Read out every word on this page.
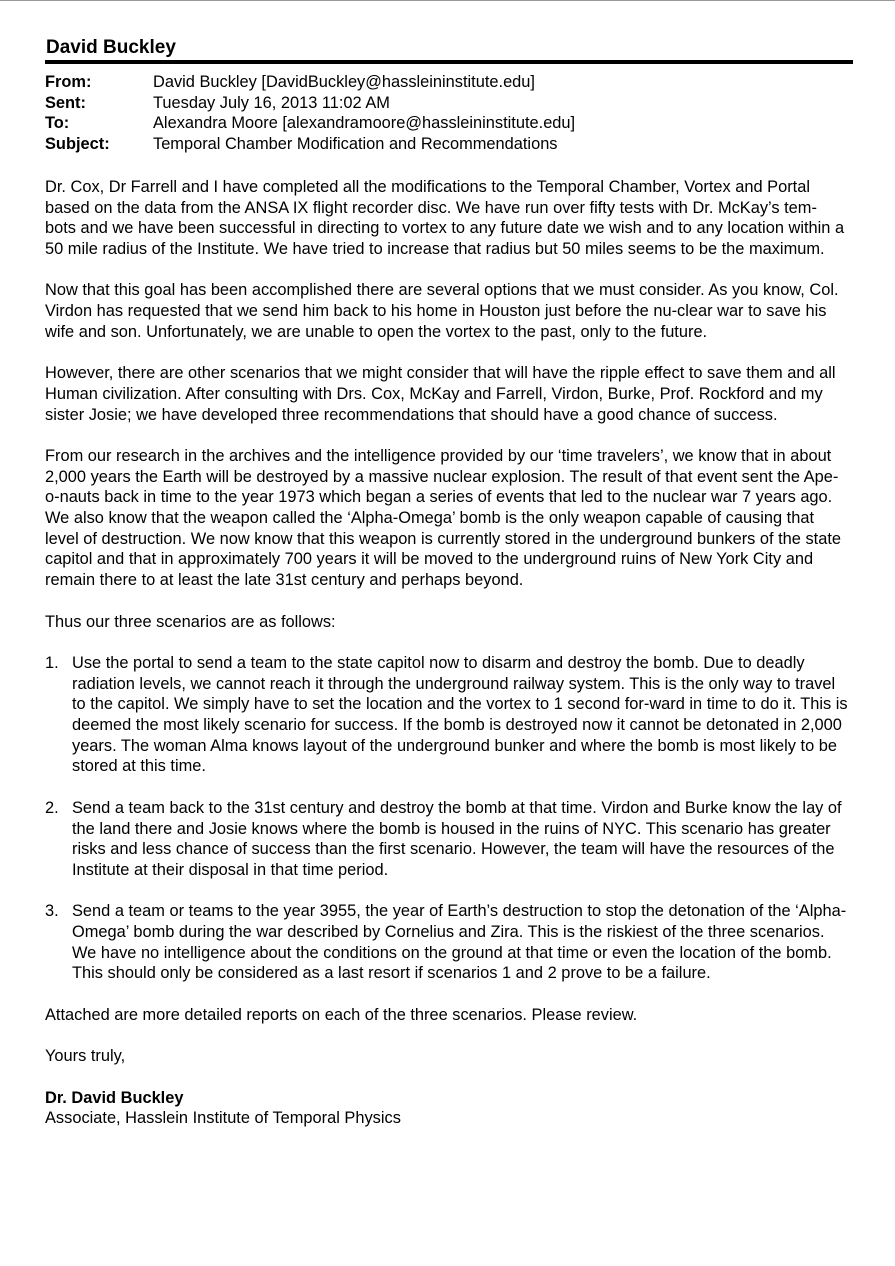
David Buckley
From:	David Buckley [DavidBuckley@hassleininstitute.edu]
Sent:	Tuesday July 16, 2013 11:02 AM
To:	Alexandra Moore [alexandramoore@hassleininstitute.edu]
Subject:	Temporal Chamber Modification and Recommendations

Dr. Cox, Dr Farrell and I have completed all the modifications to the Temporal Chamber, Vortex and Portal based on the data from the ANSA IX flight recorder disc. We have run over fifty tests with Dr. McKay’s tem-bots and we have been successful in directing to vortex to any future date we wish and to any location within a 50 mile radius of the Institute. We have tried to increase that radius but 50 miles seems to be the maximum.

Now that this goal has been accomplished there are several options that we must consider. As you know, Col. Virdon has requested that we send him back to his home in Houston just before the nu-clear war to save his wife and son. Unfortunately, we are unable to open the vortex to the past, only to the future.

However, there are other scenarios that we might consider that will have the ripple effect to save them and all Human civilization. After consulting with Drs. Cox, McKay and Farrell, Virdon, Burke, Prof. Rockford and my sister Josie; we have developed three recommendations that should have a good chance of success.

From our research in the archives and the intelligence provided by our ‘time travelers’, we know that in about 2,000 years the Earth will be destroyed by a massive nuclear explosion. The result of that event sent the Ape-o-nauts back in time to the year 1973 which began a series of events that led to the nuclear war 7 years ago. We also know that the weapon called the ‘Alpha-Omega’ bomb is the only weapon capable of causing that level of destruction. We now know that this weapon is currently stored in the underground bunkers of the state capitol and that in approximately 700 years it will be moved to the underground ruins of New York City and remain there to at least the late 31st century and perhaps beyond.

Thus our three scenarios are as follows:

1. Use the portal to send a team to the state capitol now to disarm and destroy the bomb. Due to deadly radiation levels, we cannot reach it through the underground railway system. This is the only way to travel to the capitol. We simply have to set the location and the vortex to 1 second for-ward in time to do it. This is deemed the most likely scenario for success. If the bomb is destroyed now it cannot be detonated in 2,000 years. The woman Alma knows layout of the underground bunker and where the bomb is most likely to be stored at this time.
2. Send a team back to the 31st century and destroy the bomb at that time. Virdon and Burke know the lay of the land there and Josie knows where the bomb is housed in the ruins of NYC. This scenario has greater risks and less chance of success than the first scenario. However, the team will have the resources of the Institute at their disposal in that time period.
3. Send a team or teams to the year 3955, the year of Earth’s destruction to stop the detonation of the ‘Alpha-Omega’ bomb during the war described by Cornelius and Zira. This is the riskiest of the three scenarios. We have no intelligence about the conditions on the ground at that time or even the location of the bomb. This should only be considered as a last resort if scenarios 1 and 2 prove to be a failure.

Attached are more detailed reports on each of the three scenarios. Please review.

Yours truly,

Dr. David Buckley
Associate, Hasslein Institute of Temporal Physics
